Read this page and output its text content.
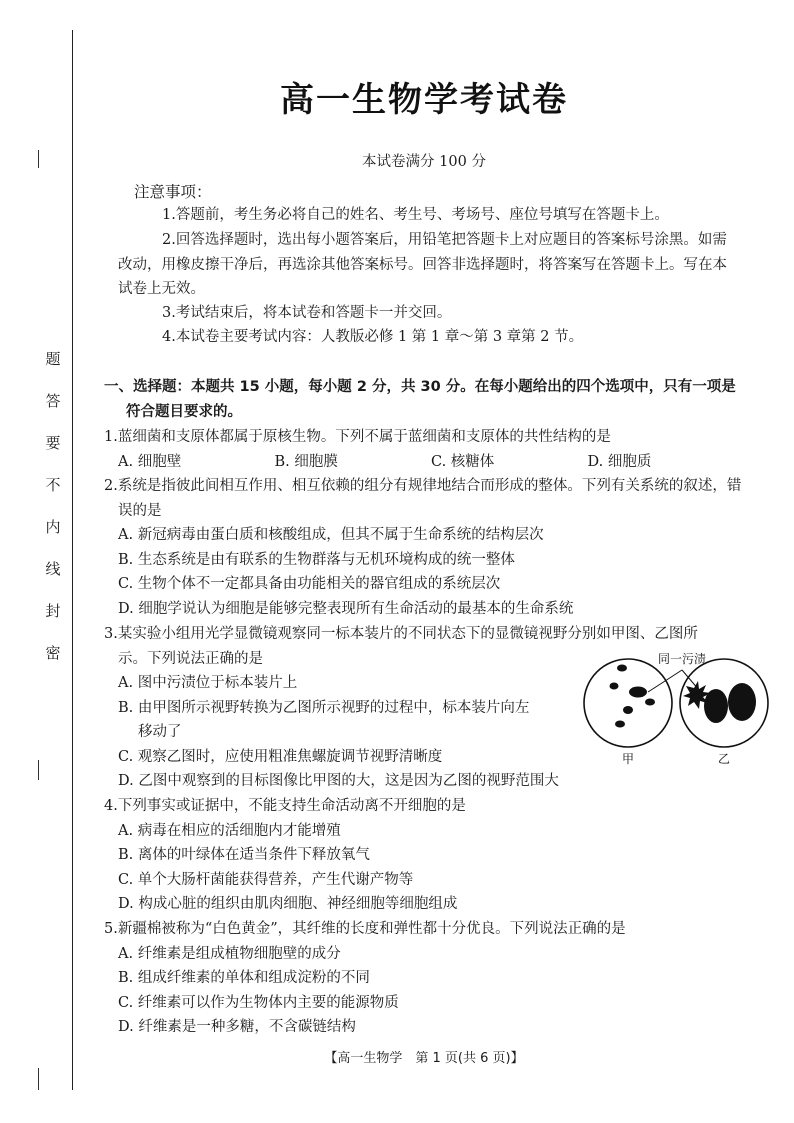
题
答
要
不
内
线
封
密
高一生物学考试卷
本试卷满分 100 分
注意事项：
1.答题前，考生务必将自己的姓名、考生号、考场号、座位号填写在答题卡上。
2.回答选择题时，选出每小题答案后，用铅笔把答题卡上对应题目的答案标号涂黑。如需改动，用橡皮擦干净后，再选涂其他答案标号。回答非选择题时，将答案写在答题卡上。写在本试卷上无效。
3.考试结束后，将本试卷和答题卡一并交回。
4.本试卷主要考试内容：人教版必修 1 第 1 章～第 3 章第 2 节。
一、选择题：本题共 15 小题，每小题 2 分，共 30 分。在每小题给出的四个选项中，只有一项是符合题目要求的。
1.蓝细菌和支原体都属于原核生物。下列不属于蓝细菌和支原体的共性结构的是
A. 细胞壁	B. 细胞膜	C. 核糖体	D. 细胞质
2.系统是指彼此间相互作用、相互依赖的组分有规律地结合而形成的整体。下列有关系统的叙述，错误的是
A. 新冠病毒由蛋白质和核酸组成，但其不属于生命系统的结构层次
B. 生态系统是由有联系的生物群落与无机环境构成的统一整体
C. 生物个体不一定都具备由功能相关的器官组成的系统层次
D. 细胞学说认为细胞是能够完整表现所有生命活动的最基本的生命系统
3.某实验小组用光学显微镜观察同一标本装片的不同状态下的显微镜视野分别如甲图、乙图所
示。下列说法正确的是
A. 图中污渍位于标本装片上
B. 由甲图所示视野转换为乙图所示视野的过程中，标本装片向左
移动了
C. 观察乙图时，应使用粗准焦螺旋调节视野清晰度
D. 乙图中观察到的目标图像比甲图的大，这是因为乙图的视野范围大
4.下列事实或证据中，不能支持生命活动离不开细胞的是
A. 病毒在相应的活细胞内才能增殖
B. 离体的叶绿体在适当条件下释放氧气
C. 单个大肠杆菌能获得营养，产生代谢产物等
D. 构成心脏的组织由肌肉细胞、神经细胞等细胞组成
5.新疆棉被称为“白色黄金”，其纤维的长度和弹性都十分优良。下列说法正确的是
A. 纤维素是组成植物细胞壁的成分
B. 组成纤维素的单体和组成淀粉的不同
C. 纤维素可以作为生物体内主要的能源物质
D. 纤维素是一种多糖，不含碳链结构
【高一生物学　第 1 页(共 6 页)】
同一污渍
甲	乙
